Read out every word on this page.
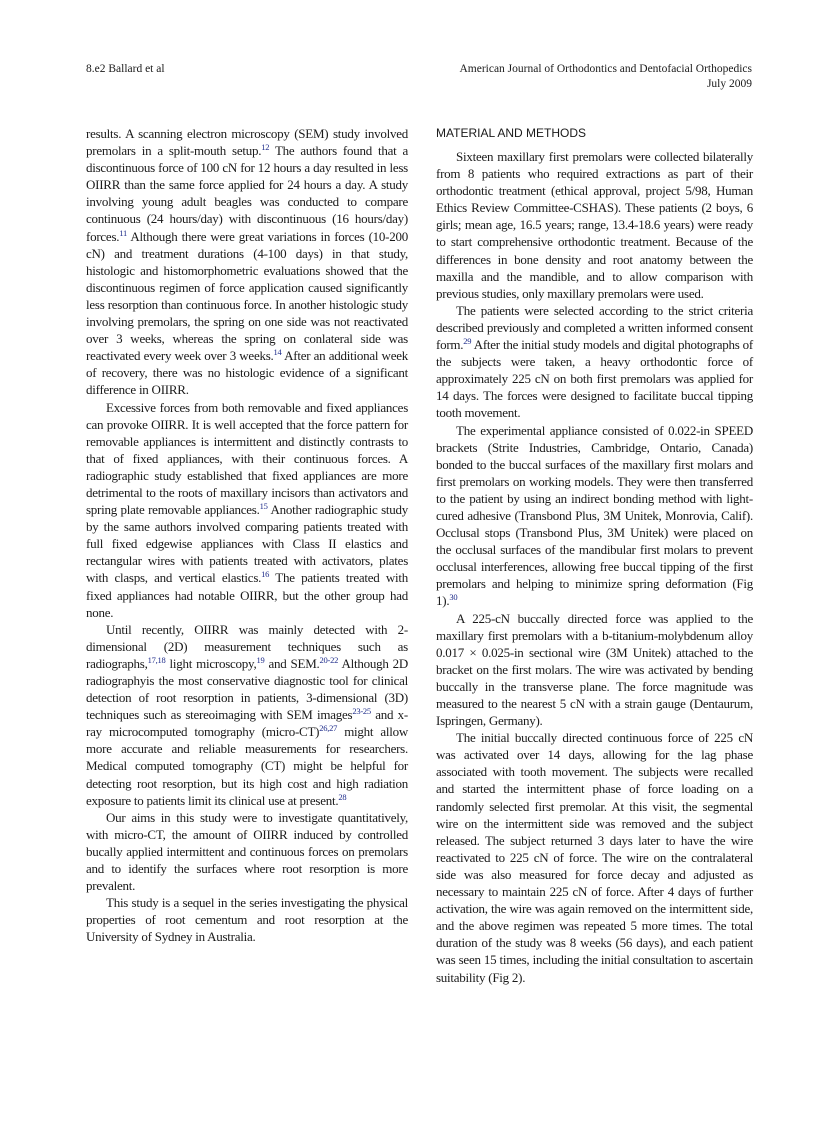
8.e2 Ballard et al	American Journal of Orthodontics and Dentofacial Orthopedics
July 2009

results. A scanning electron microscopy (SEM) study involved premolars in a split-mouth setup.$^{12}$ The authors found that a discontinuous force of 100 cN for 12 hours a day resulted in less OIIRR than the same force applied for 24 hours a day. A study involving young adult beagles was conducted to compare continuous (24 hours/day) with discontinuous (16 hours/day) forces.$^{11}$ Although there were great variations in forces (10-200 cN) and treatment durations (4-100 days) in that study, histologic and histomorphometric evaluations showed that the discontinuous regimen of force application caused significantly less resorption than continuous force. In another histologic study involving premolars, the spring on one side was not reactivated over 3 weeks, whereas the spring on conlateral side was reactivated every week over 3 weeks.$^{14}$ After an additional week of recovery, there was no histologic evidence of a significant difference in OIIRR.

Excessive forces from both removable and fixed appliances can provoke OIIRR. It is well accepted that the force pattern for removable appliances is intermittent and distinctly contrasts to that of fixed appliances, with their continuous forces. A radiographic study established that fixed appliances are more detrimental to the roots of maxillary incisors than activators and spring plate removable appliances.$^{15}$ Another radiographic study by the same authors involved comparing patients treated with full fixed edgewise appliances with Class II elastics and rectangular wires with patients treated with activators, plates with clasps, and vertical elastics.$^{16}$ The patients treated with fixed appliances had notable OIIRR, but the other group had none.

Until recently, OIIRR was mainly detected with 2-dimensional (2D) measurement techniques such as radiographs,$^{17,18}$ light microscopy,$^{19}$ and SEM.$^{20-22}$ Although 2D radiographyis the most conservative diagnostic tool for clinical detection of root resorption in patients, 3-dimensional (3D) techniques such as stereoimaging with SEM images$^{23-25}$ and x-ray microcomputed tomography (micro-CT)$^{26,27}$ might allow more accurate and reliable measurements for researchers. Medical computed tomography (CT) might be helpful for detecting root resorption, but its high cost and high radiation exposure to patients limit its clinical use at present.$^{28}$

Our aims in this study were to investigate quantitatively, with micro-CT, the amount of OIIRR induced by controlled bucally applied intermittent and continuous forces on premolars and to identify the surfaces where root resorption is more prevalent.

This study is a sequel in the series investigating the physical properties of root cementum and root resorption at the University of Sydney in Australia.

MATERIAL AND METHODS

Sixteen maxillary first premolars were collected bilaterally from 8 patients who required extractions as part of their orthodontic treatment (ethical approval, project 5/98, Human Ethics Review Committee-CSHAS). These patients (2 boys, 6 girls; mean age, 16.5 years; range, 13.4-18.6 years) were ready to start comprehensive orthodontic treatment. Because of the differences in bone density and root anatomy between the maxilla and the mandible, and to allow comparison with previous studies, only maxillary premolars were used.

The patients were selected according to the strict criteria described previously and completed a written informed consent form.$^{29}$ After the initial study models and digital photographs of the subjects were taken, a heavy orthodontic force of approximately 225 cN on both first premolars was applied for 14 days. The forces were designed to facilitate buccal tipping tooth movement.

The experimental appliance consisted of 0.022-in SPEED brackets (Strite Industries, Cambridge, Ontario, Canada) bonded to the buccal surfaces of the maxillary first molars and first premolars on working models. They were then transferred to the patient by using an indirect bonding method with light-cured adhesive (Transbond Plus, 3M Unitek, Monrovia, Calif). Occlusal stops (Transbond Plus, 3M Unitek) were placed on the occlusal surfaces of the mandibular first molars to prevent occlusal interferences, allowing free buccal tipping of the first premolars and helping to minimize spring deformation (Fig 1).$^{30}$

A 225-cN buccally directed force was applied to the maxillary first premolars with a b-titanium-molybdenum alloy 0.017 × 0.025-in sectional wire (3M Unitek) attached to the bracket on the first molars. The wire was activated by bending buccally in the transverse plane. The force magnitude was measured to the nearest 5 cN with a strain gauge (Dentaurum, Ispringen, Germany).

The initial buccally directed continuous force of 225 cN was activated over 14 days, allowing for the lag phase associated with tooth movement. The subjects were recalled and started the intermittent phase of force loading on a randomly selected first premolar. At this visit, the segmental wire on the intermittent side was removed and the subject released. The subject returned 3 days later to have the wire reactivated to 225 cN of force. The wire on the contralateral side was also measured for force decay and adjusted as necessary to maintain 225 cN of force. After 4 days of further activation, the wire was again removed on the intermittent side, and the above regimen was repeated 5 more times. The total duration of the study was 8 weeks (56 days), and each patient was seen 15 times, including the initial consultation to ascertain suitability (Fig 2).
